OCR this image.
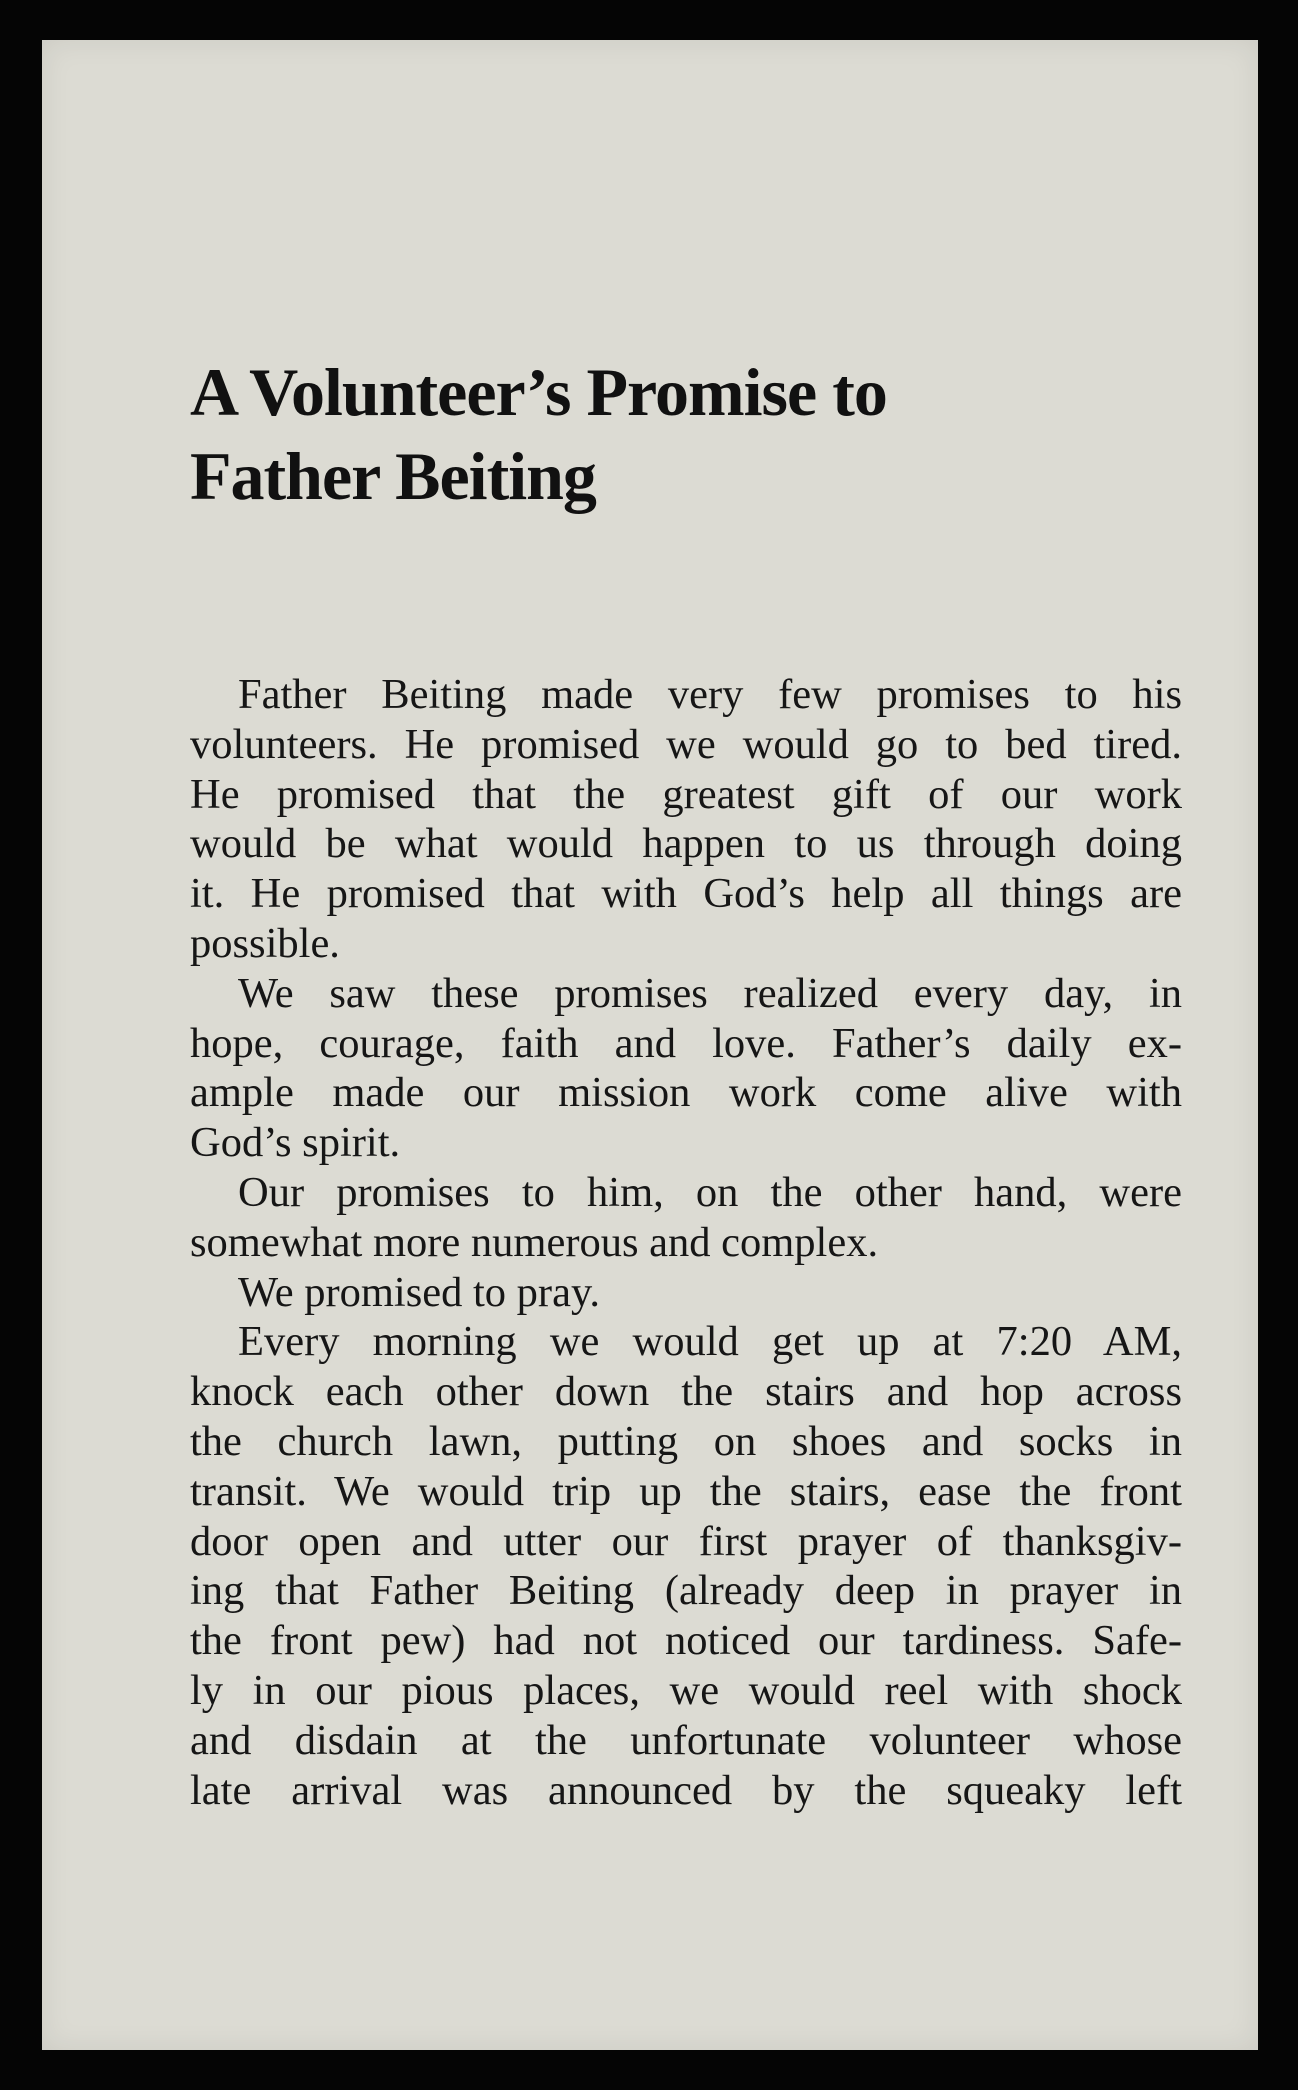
A Volunteer’s Promise to
Father Beiting
Father Beiting made very few promises to his
volunteers. He promised we would go to bed tired.
He promised that the greatest gift of our work
would be what would happen to us through doing
it. He promised that with God’s help all things are
possible.
We saw these promises realized every day, in
hope, courage, faith and love. Father’s daily ex-
ample made our mission work come alive with
God’s spirit.
Our promises to him, on the other hand, were
somewhat more numerous and complex.
We promised to pray.
Every morning we would get up at 7:20 AM,
knock each other down the stairs and hop across
the church lawn, putting on shoes and socks in
transit. We would trip up the stairs, ease the front
door open and utter our first prayer of thanksgiv-
ing that Father Beiting (already deep in prayer in
the front pew) had not noticed our tardiness. Safe-
ly in our pious places, we would reel with shock
and disdain at the unfortunate volunteer whose
late arrival was announced by the squeaky left
